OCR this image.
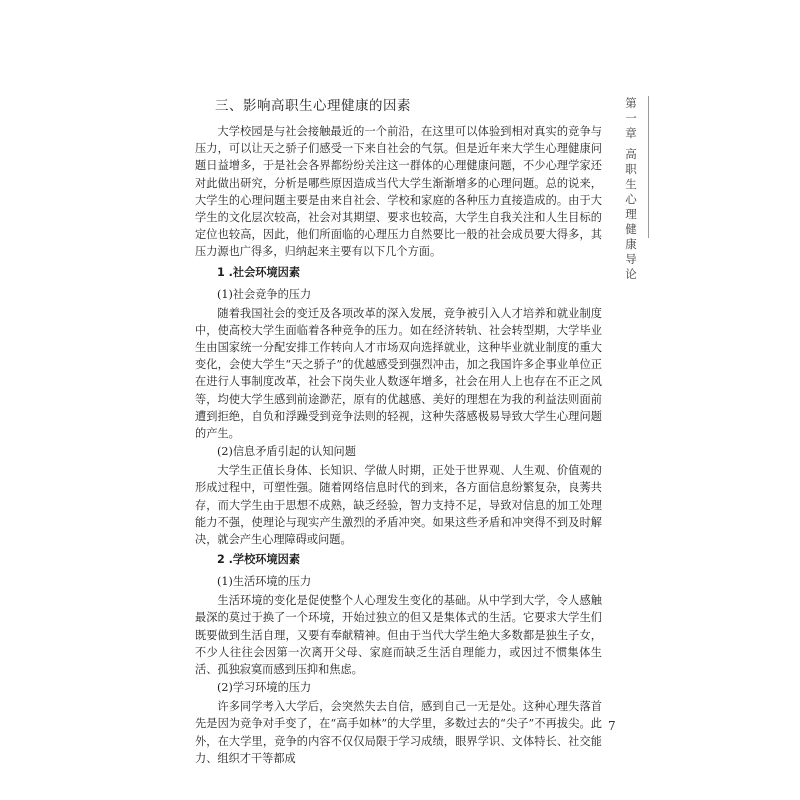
三、影响高职生心理健康的因素
大学校园是与社会接触最近的一个前沿，在这里可以体验到相对真实的竞争与压力，可以让天之骄子们感受一下来自社会的气氛。但是近年来大学生心理健康问题日益增多，于是社会各界都纷纷关注这一群体的心理健康问题，不少心理学家还对此做出研究，分析是哪些原因造成当代大学生渐渐增多的心理问题。总的说来，大学生的心理问题主要是由来自社会、学校和家庭的各种压力直接造成的。由于大学生的文化层次较高，社会对其期望、要求也较高，大学生自我关注和人生目标的定位也较高，因此，他们所面临的心理压力自然要比一般的社会成员要大得多，其压力源也广得多，归纳起来主要有以下几个方面。
1 .社会环境因素
(1)社会竞争的压力
随着我国社会的变迁及各项改革的深入发展，竞争被引入人才培养和就业制度中，使高校大学生面临着各种竞争的压力。如在经济转轨、社会转型期，大学毕业生由国家统一分配安排工作转向人才市场双向选择就业，这种毕业就业制度的重大变化，会使大学生“天之骄子”的优越感受到强烈冲击，加之我国许多企事业单位正在进行人事制度改革，社会下岗失业人数逐年增多，社会在用人上也存在不正之风等，均使大学生感到前途渺茫，原有的优越感、美好的理想在为我的利益法则面前遭到拒绝，自负和浮躁受到竞争法则的轻视，这种失落感极易导致大学生心理问题的产生。
(2)信息矛盾引起的认知问题
大学生正值长身体、长知识、学做人时期，正处于世界观、人生观、价值观的形成过程中，可塑性强。随着网络信息时代的到来，各方面信息纷繁复杂，良莠共存，而大学生由于思想不成熟，缺乏经验，智力支持不足，导致对信息的加工处理能力不强，使理论与现实产生激烈的矛盾冲突。如果这些矛盾和冲突得不到及时解决，就会产生心理障碍或问题。
2 .学校环境因素
(1)生活环境的压力
生活环境的变化是促使整个人心理发生变化的基础。从中学到大学，令人感触最深的莫过于换了一个环境，开始过独立的但又是集体式的生活。它要求大学生们既要做到生活自理，又要有奉献精神。但由于当代大学生绝大多数都是独生子女，不少人往往会因第一次离开父母、家庭而缺乏生活自理能力，或因过不惯集体生活、孤独寂寞而感到压抑和焦虑。
(2)学习环境的压力
许多同学考入大学后，会突然失去自信，感到自己一无是处。这种心理失落首先是因为竞争对手变了，在“高手如林”的大学里，多数过去的“尖子”不再拔尖。此外，在大学里，竞争的内容不仅仅局限于学习成绩，眼界学识、文体特长、社交能力、组织才干等都成
第一章
高职生心理健康导论
7
